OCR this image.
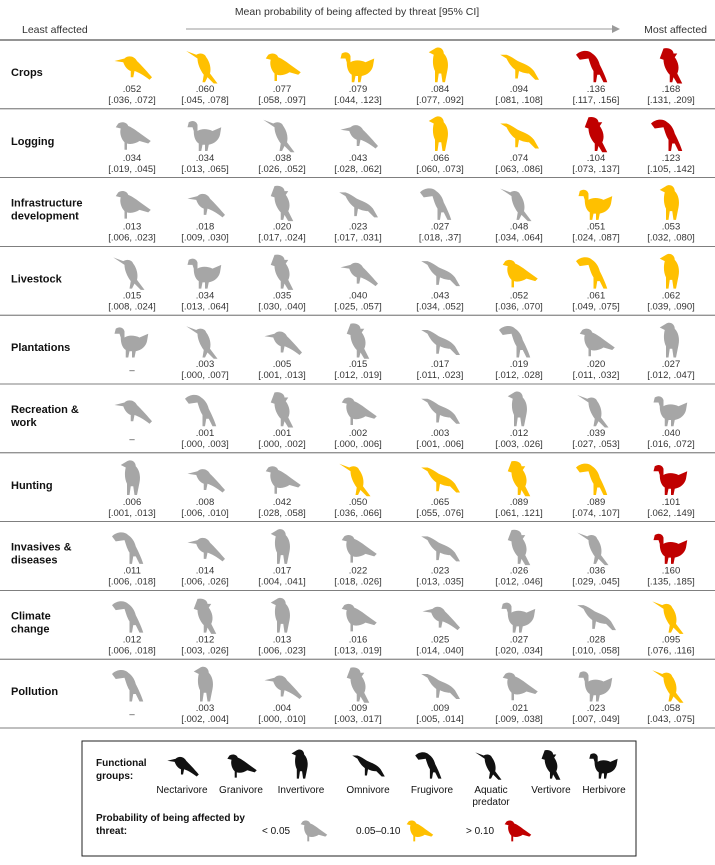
Mean probability of being affected by threat [95% CI]
Least affected	Most affected
Crops
.052
[.036, .072]
.060
[.045, .078]
.077
[.058, .097]
.079
[.044, .123]
.084
[.077, .092]
.094
[.081, .108]
.136
[.117, .156]
.168
[.131, .209]
Logging
.034
[.019, .045]
.034
[.013, .065]
.038
[.026, .052]
.043
[.028, .062]
.066
[.060, .073]
.074
[.063, .086]
.104
[.073, .137]
.123
[.105, .142]
Infrastructure development
.013
[.006, .023]
.018
[.009, .030]
.020
[.017, .024]
.023
[.017, .031]
.027
[.018, .37]
.048
[.034, .064]
.051
[.024, .087]
.053
[.032, .080]
Livestock
.015
[.008, .024]
.034
[.013, .064]
.035
[.030, .040]
.040
[.025, .057]
.043
[.034, .052]
.052
[.036, .070]
.061
[.049, .075]
.062
[.039, .090]
Plantations
–
.003
[.000, .007]
.005
[.001, .013]
.015
[.012, .019]
.017
[.011, .023]
.019
[.012, .028]
.020
[.011, .032]
.027
[.012, .047]
Recreation & work
–
.001
[.000, .003]
.001
[.000, .002]
.002
[.000, .006]
.003
[.001, .006]
.012
[.003, .026]
.039
[.027, .053]
.040
[.016, .072]
Hunting
.006
[.001, .013]
.008
[.006, .010]
.042
[.028, .058]
.050
[.036, .066]
.065
[.055, .076]
.089
[.061, .121]
.089
[.074, .107]
.101
[.062, .149]
Invasives & diseases
.011
[.006, .018]
.014
[.006, .026]
.017
[.004, .041]
.022
[.018, .026]
.023
[.013, .035]
.026
[.012, .046]
.036
[.029, .045]
.160
[.135, .185]
Climate change
.012
[.006, .018]
.012
[.003, .026]
.013
[.006, .023]
.016
[.013, .019]
.025
[.014, .040]
.027
[.020, .034]
.028
[.010, .058]
.095
[.076, .116]
Pollution
–
.003
[.002, .004]
.004
[.000, .010]
.009
[.003, .017]
.009
[.005, .014]
.021
[.009, .038]
.023
[.007, .049]
.058
[.043, .075]
Functional
groups:
Nectarivore Granivore Invertivore Omnivore Frugivore Aquatic
predator
Vertivore Herbivore
Probability of being affected by
threat:	< 0.05	0.05–0.10	> 0.10
